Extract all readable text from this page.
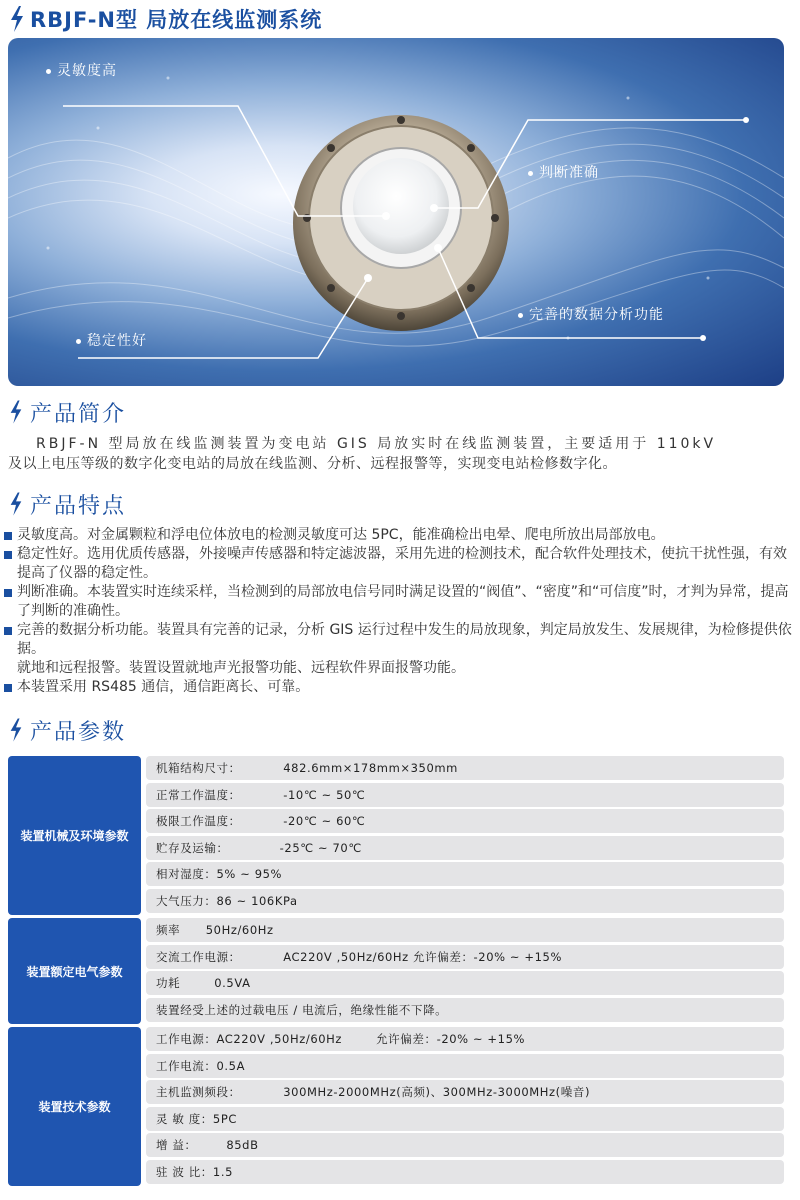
RBJF-N型 局放在线监测系统
灵敏度高
判断准确
完善的数据分析功能
稳定性好
产品简介
RBJF-N 型局放在线监测装置为变电站 GIS 局放实时在线监测装置，主要适用于 110kV
及以上电压等级的数字化变电站的局放在线监测、分析、远程报警等，实现变电站检修数字化。
产品特点
灵敏度高。对金属颗粒和浮电位体放电的检测灵敏度可达 5PC，能准确检出电晕、爬电所放出局部放电。
稳定性好。选用优质传感器，外接噪声传感器和特定滤波器，采用先进的检测技术，配合软件处理技术，使抗干扰性强，有效提高了仪器的稳定性。
判断准确。本装置实时连续采样，当检测到的局部放电信号同时满足设置的“阀值”、“密度”和“可信度”时，才判为异常，提高了判断的准确性。
完善的数据分析功能。装置具有完善的记录，分析 GIS 运行过程中发生的局放现象，判定局放发生、发展规律，为检修提供依据。
就地和远程报警。装置设置就地声光报警功能、远程软件界面报警功能。
本装置采用 RS485 通信，通信距离长、可靠。
产品参数
装置机械及环境参数
机箱结构尺寸：          482.6mm×178mm×350mm
正常工作温度：          -10℃ ~ 50℃
极限工作温度：          -20℃ ~ 60℃
贮存及运输：            -25℃ ~ 70℃
相对湿度：5% ~ 95%
大气压力：86 ~ 106KPa
装置额定电气参数
频率      50Hz/60Hz
交流工作电源：          AC220V ,50Hz/60Hz 允许偏差：-20% ~ +15%
功耗        0.5VA
装置经受上述的过载电压 / 电流后，绝缘性能不下降。
装置技术参数
工作电源：AC220V ,50Hz/60Hz        允许偏差：-20% ~ +15%
工作电流：0.5A
主机监测频段：          300MHz-2000MHz(高频)、300MHz-3000MHz(噪音)
灵 敏 度：5PC
增 益：       85dB
驻 波 比：1.5
